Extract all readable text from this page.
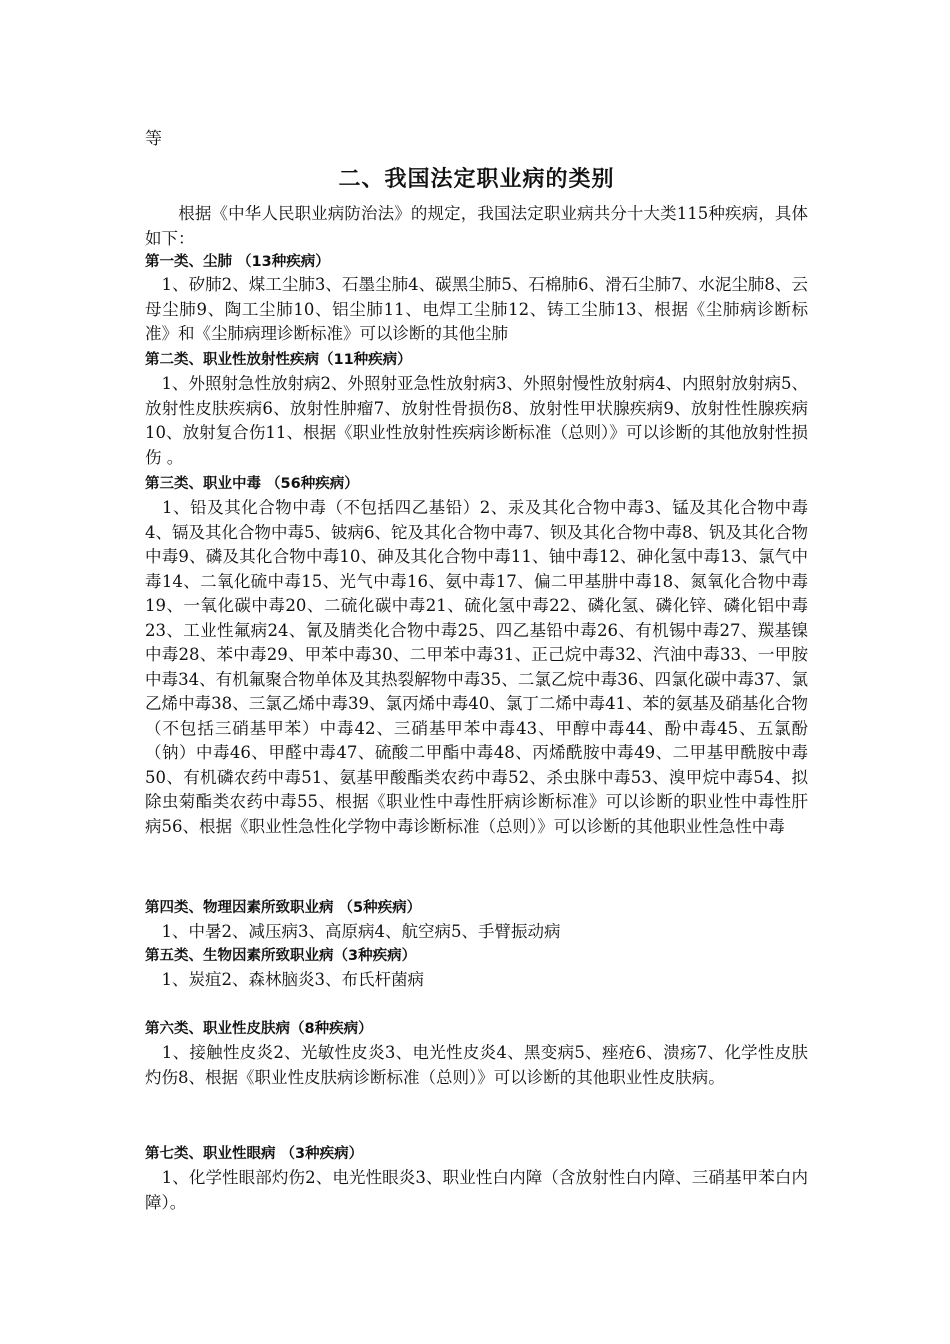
等
二、我国法定职业病的类别
　　根据《中华人民职业病防治法》的规定，我国法定职业病共分十大类115种疾病，具体如下：
第一类、尘肺 （13种疾病）
　1、矽肺2、煤工尘肺3、石墨尘肺4、碳黑尘肺5、石棉肺6、滑石尘肺7、水泥尘肺8、云母尘肺9、陶工尘肺10、铝尘肺11、电焊工尘肺12、铸工尘肺13、根据《尘肺病诊断标准》和《尘肺病理诊断标准》可以诊断的其他尘肺
第二类、职业性放射性疾病（11种疾病）
　1、外照射急性放射病2、外照射亚急性放射病3、外照射慢性放射病4、内照射放射病5、放射性皮肤疾病6、放射性肿瘤7、放射性骨损伤8、放射性甲状腺疾病9、放射性性腺疾病10、放射复合伤11、根据《职业性放射性疾病诊断标准（总则）》可以诊断的其他放射性损伤 。
第三类、职业中毒 （56种疾病）
　1、铅及其化合物中毒（不包括四乙基铅）2、汞及其化合物中毒3、锰及其化合物中毒4、镉及其化合物中毒5、铍病6、铊及其化合物中毒7、钡及其化合物中毒8、钒及其化合物中毒9、磷及其化合物中毒10、砷及其化合物中毒11、铀中毒12、砷化氢中毒13、氯气中毒14、二氧化硫中毒15、光气中毒16、氨中毒17、偏二甲基肼中毒18、氮氧化合物中毒19、一氧化碳中毒20、二硫化碳中毒21、硫化氢中毒22、磷化氢、磷化锌、磷化铝中毒23、工业性氟病24、氰及腈类化合物中毒25、四乙基铅中毒26、有机锡中毒27、羰基镍中毒28、苯中毒29、甲苯中毒30、二甲苯中毒31、正己烷中毒32、汽油中毒33、一甲胺中毒34、有机氟聚合物单体及其热裂解物中毒35、二氯乙烷中毒36、四氯化碳中毒37、氯乙烯中毒38、三氯乙烯中毒39、氯丙烯中毒40、氯丁二烯中毒41、苯的氨基及硝基化合物（不包括三硝基甲苯）中毒42、三硝基甲苯中毒43、甲醇中毒44、酚中毒45、五氯酚（钠）中毒46、甲醛中毒47、硫酸二甲酯中毒48、丙烯酰胺中毒49、二甲基甲酰胺中毒50、有机磷农药中毒51、氨基甲酸酯类农药中毒52、杀虫脒中毒53、溴甲烷中毒54、拟除虫菊酯类农药中毒55、根据《职业性中毒性肝病诊断标准》可以诊断的职业性中毒性肝病56、根据《职业性急性化学物中毒诊断标准（总则）》可以诊断的其他职业性急性中毒
第四类、物理因素所致职业病 （5种疾病）
　1、中暑2、减压病3、高原病4、航空病5、手臂振动病
第五类、生物因素所致职业病（3种疾病）
　1、炭疽2、森林脑炎3、布氏杆菌病
第六类、职业性皮肤病（8种疾病）
　1、接触性皮炎2、光敏性皮炎3、电光性皮炎4、黑变病5、痤疮6、溃疡7、化学性皮肤灼伤8、根据《职业性皮肤病诊断标准（总则）》可以诊断的其他职业性皮肤病。
第七类、职业性眼病 （3种疾病）
　1、化学性眼部灼伤2、电光性眼炎3、职业性白内障（含放射性白内障、三硝基甲苯白内障）。
